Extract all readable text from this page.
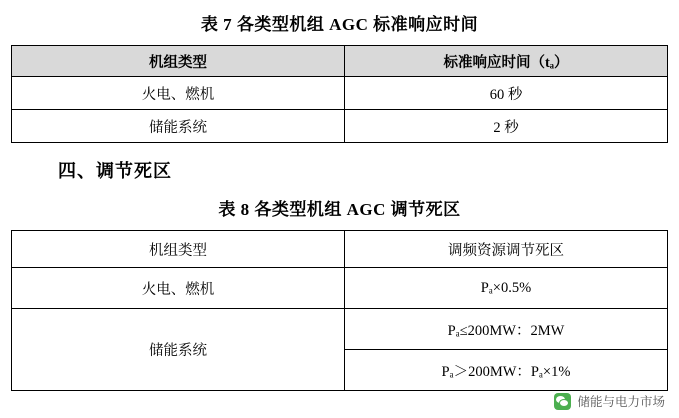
表 7 各类型机组 AGC 标准响应时间
机组类型	标准响应时间（tₐ）
火电、燃机	60 秒
储能系统	2 秒
四、调节死区
表 8 各类型机组 AGC 调节死区
机组类型	调频资源调节死区
火电、燃机	Pₐ×0.5%
储能系统	Pₐ≤200MW：2MW
	Pₐ＞200MW：Pₐ×1%
储能与电力市场
